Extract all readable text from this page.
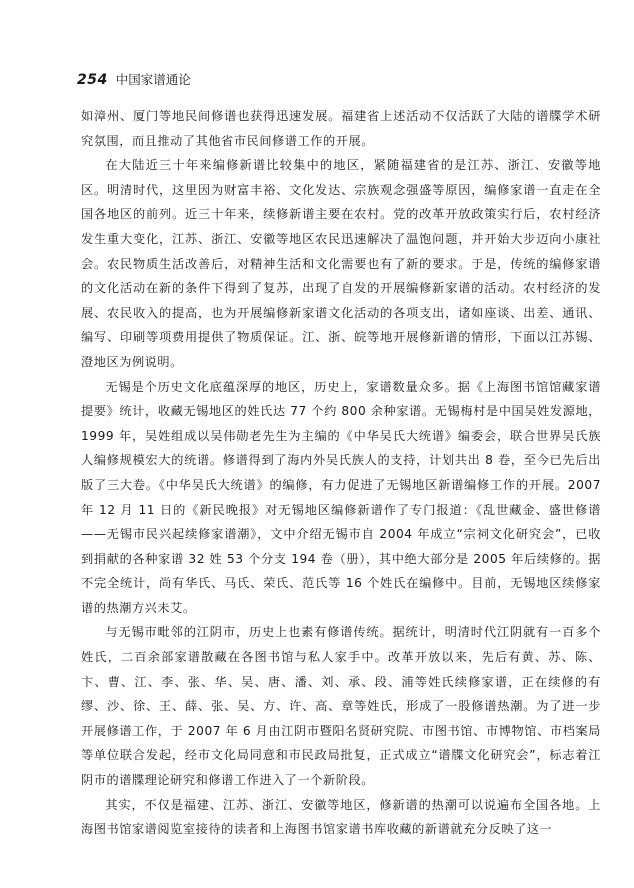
254 中国家谱通论

如漳州、厦门等地民间修谱也获得迅速发展。福建省上述活动不仅活跃了大陆的谱牒学术研究氛围，而且推动了其他省市民间修谱工作的开展。

在大陆近三十年来编修新谱比较集中的地区，紧随福建省的是江苏、浙江、安徽等地区。明清时代，这里因为财富丰裕、文化发达、宗族观念强盛等原因，编修家谱一直走在全国各地区的前列。近三十年来，续修新谱主要在农村。党的改革开放政策实行后，农村经济发生重大变化，江苏、浙江、安徽等地区农民迅速解决了温饱问题，并开始大步迈向小康社会。农民物质生活改善后，对精神生活和文化需要也有了新的要求。于是，传统的编修家谱的文化活动在新的条件下得到了复苏，出现了自发的开展编修新家谱的活动。农村经济的发展、农民收入的提高，也为开展编修新家谱文化活动的各项支出，诸如座谈、出差、通讯、编写、印刷等项费用提供了物质保证。江、浙、皖等地开展修新谱的情形，下面以江苏锡、澄地区为例说明。

无锡是个历史文化底蕴深厚的地区，历史上，家谱数量众多。据《上海图书馆馆藏家谱提要》统计，收藏无锡地区的姓氏达 77 个约 800 余种家谱。无锡梅村是中国吴姓发源地，1999 年，吴姓组成以吴伟勋老先生为主编的《中华吴氏大统谱》编委会，联合世界吴氏族人编修规模宏大的统谱。修谱得到了海内外吴氏族人的支持，计划共出 8 卷，至今已先后出版了三大卷。《中华吴氏大统谱》的编修，有力促进了无锡地区新谱编修工作的开展。2007 年 12 月 11 日的《新民晚报》对无锡地区编修新谱作了专门报道：《乱世藏金、盛世修谱——无锡市民兴起续修家谱潮》，文中介绍无锡市自 2004 年成立“宗祠文化研究会”，已收到捐献的各种家谱 32 姓 53 个分支 194 卷（册），其中绝大部分是 2005 年后续修的。据不完全统计，尚有华氏、马氏、荣氏、范氏等 16 个姓氏在编修中。目前，无锡地区续修家谱的热潮方兴未艾。

与无锡市毗邻的江阴市，历史上也素有修谱传统。据统计，明清时代江阴就有一百多个姓氏，二百余部家谱散藏在各图书馆与私人家手中。改革开放以来，先后有黄、苏、陈、卞、曹、江、李、张、华、吴、唐、潘、刘、承、段、浦等姓氏续修家谱，正在续修的有缪、沙、徐、王、薛、张、吴、方、许、高、章等姓氏，形成了一股修谱热潮。为了进一步开展修谱工作，于 2007 年 6 月由江阴市暨阳名贤研究院、市图书馆、市博物馆、市档案局等单位联合发起，经市文化局同意和市民政局批复，正式成立“谱牒文化研究会”，标志着江阴市的谱牒理论研究和修谱工作进入了一个新阶段。

其实，不仅是福建、江苏、浙江、安徽等地区，修新谱的热潮可以说遍布全国各地。上海图书馆家谱阅览室接待的读者和上海图书馆家谱书库收藏的新谱就充分反映了这一
